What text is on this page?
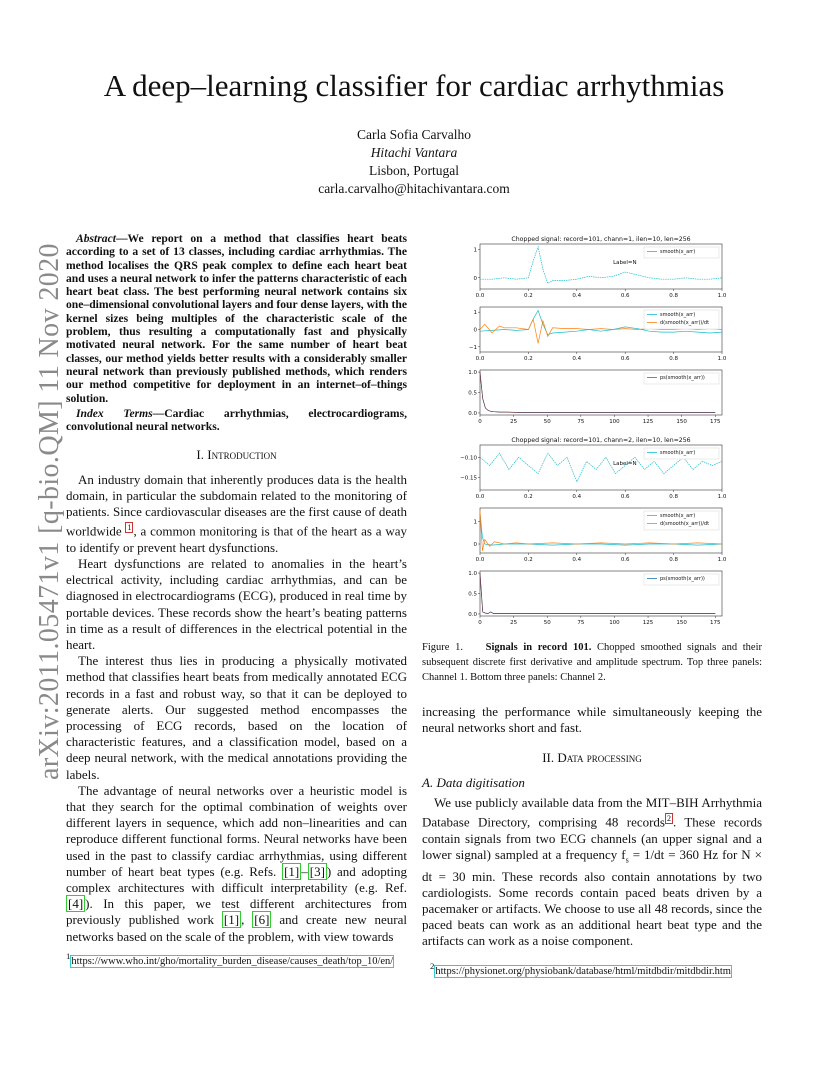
arXiv:2011.05471v1 [q-bio.QM] 11 Nov 2020
A deep–learning classifier for cardiac arrhythmias
Carla Sofia Carvalho
Hitachi Vantara
Lisbon, Portugal
carla.carvalho@hitachivantara.com

Abstract—We report on a method that classifies heart beats according to a set of 13 classes, including cardiac arrhythmias. The method localises the QRS peak complex to define each heart beat and uses a neural network to infer the patterns characteristic of each heart beat class. The best performing neural network contains six one–dimensional convolutional layers and four dense layers, with the kernel sizes being multiples of the characteristic scale of the problem, thus resulting a computationally fast and physically motivated neural network. For the same number of heart beat classes, our method yields better results with a considerably smaller neural network than previously published methods, which renders our method competitive for deployment in an internet–of–things solution.

Index Terms—Cardiac arrhythmias, electrocardiograms, convolutional neural networks.

I. Introduction

An industry domain that inherently produces data is the health domain, in particular the subdomain related to the monitoring of patients. Since cardiovascular diseases are the first cause of death worldwide $^1$ , a common monitoring is that of the heart as a way to identify or prevent heart dysfunctions.

Heart dysfunctions are related to anomalies in the heart’s electrical activity, including cardiac arrhythmias, and can be diagnosed in electrocardiograms (ECG), produced in real time by portable devices. These records show the heart’s beating patterns in time as a result of differences in the electrical potential in the heart.

The interest thus lies in producing a physically motivated method that classifies heart beats from medically annotated ECG records in a fast and robust way, so that it can be deployed to generate alerts. Our suggested method encompasses the processing of ECG records, based on the location of characteristic features, and a classification model, based on a deep neural network, with the medical annotations providing the labels.

The advantage of neural networks over a heuristic model is that they search for the optimal combination of weights over different layers in sequence, which add non–linearities and can reproduce different functional forms. Neural networks have been used in the past to classify cardiac arrhythmias, using different number of heart beat types (e.g. Refs. [1] – [3] ) and adopting complex architectures with difficult interpretability (e.g. Ref. [4] ). In this paper, we test different architectures from previously published work [1] , [6] and create new neural networks based on the scale of the problem, with view towards

$^1$https://www.who.int/gho/mortality_burden_disease/causes_death/top_10/en/
Chopped signal: record=101, chann=1, ilen=10, len=256
0.0	0.2	0.4	0.6	0.8	1.0
0
1	smooth(x_arr)
Label=N
0.0	0.2	0.4	0.6	0.8	1.0
−1
0
1	smooth(x_arr)
d(smooth(x_arr))/dt
0	25	50	75	100	125	150	175
0.0
0.5
1.0
ps(smooth(x_arr))
Chopped signal: record=101, chann=2, ilen=10, len=256
0.0	0.2	0.4	0.6	0.8	1.0
−0.15
−0.10
smooth(x_arr)
Label=N
0.0	0.2	0.4	0.6	0.8	1.0
0
1
smooth(x_arr)
d(smooth(x_arr))/dt
0	25	50	75	100	125	150	175
0.0
0.5
1.0
ps(smooth(x_arr))
Figure 1. Signals in record 101. Chopped smoothed signals and their subsequent discrete first derivative and amplitude spectrum. Top three panels: Channel 1. Bottom three panels: Channel 2.

increasing the performance while simultaneously keeping the neural networks short and fast.

II. Data processing
A. Data digitisation

We use publicly available data from the MIT–BIH Arrhythmia Database Directory, comprising 48 records $^2$ . These records contain signals from two ECG channels (an upper signal and a lower signal) sampled at a frequency $f_s = 1/dt = 360$ Hz for N × dt = 30 min. These records also contain annotations by two cardiologists. Some records contain paced beats driven by a pacemaker or artifacts. We choose to use all 48 records, since the paced beats can work as an additional heart beat type and the artifacts can work as a noise component.

$^2$https://physionet.org/physiobank/database/html/mitdbdir/mitdbdir.htm
